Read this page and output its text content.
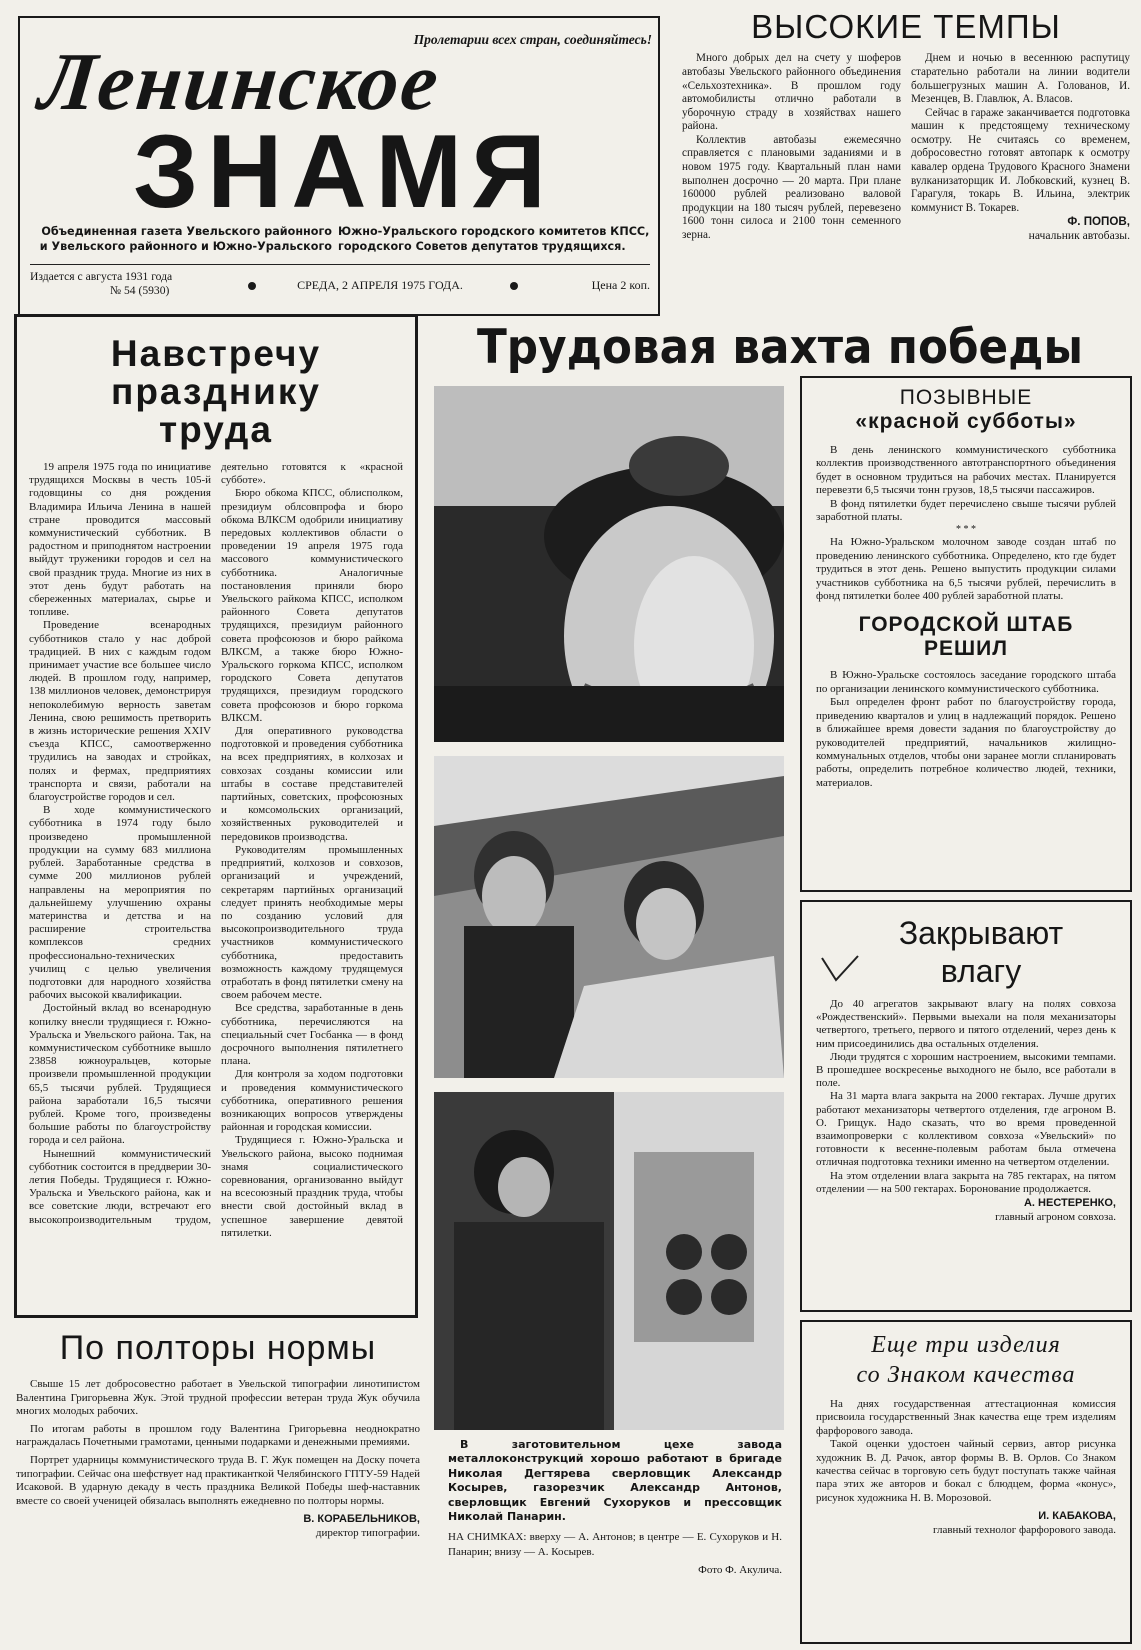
Пролетарии всех стран, соединяйтесь!
Ленинское
ЗНАМЯ
Объединенная газета Увельского районного и Увельского районного и Южно-Уральского
Южно-Уральского городского комитетов КПСС, городского Советов депутатов трудящихся.
Издается с августа 1931 года
№ 54 (5930)	СРЕДА, 2 АПРЕЛЯ 1975 ГОДА.	Цена 2 коп.
ВЫСОКИЕ ТЕМПЫ

Много добрых дел на счету у шоферов автобазы Увельского районного объединения «Сельхозтехника». В прошлом году автомобилисты отлично работали в уборочную страду в хозяйствах нашего района.

Коллектив автобазы ежемесячно справляется с плановыми заданиями и в новом 1975 году. Квартальный план нами выполнен досрочно — 20 марта. При плане 160000 рублей реализовано валовой продукции на 180 тысяч рублей, перевезено 1600 тонн силоса и 2100 тонн семенного зерна.

Днем и ночью в весеннюю распутицу старательно работали на линии водители большегрузных машин А. Голованов, И. Мезенцев, В. Главлюк, А. Власов.

Сейчас в гараже заканчивается подготовка машин к предстоящему техническому осмотру. Не считаясь со временем, добросовестно готовят автопарк к осмотру кавалер ордена Трудового Красного Знамени вулканизаторщик И. Лобковский, кузнец В. Гарагуля, токарь В. Ильина, электрик коммунист В. Токарев.

Ф. ПОПОВ,
начальник автобазы.
Навстречу празднику труда

19 апреля 1975 года по инициативе трудящихся Москвы в честь 105-й годовщины со дня рождения Владимира Ильича Ленина в нашей стране проводится массовый коммунистический субботник. В радостном и приподнятом настроении выйдут труженики городов и сел на свой праздник труда. Многие из них в этот день будут работать на сбереженных материалах, сырье и топливе.

Проведение всенародных субботников стало у нас доброй традицией. В них с каждым годом принимает участие все большее число людей. В прошлом году, например, 138 миллионов человек, демонстрируя непоколебимую верность заветам Ленина, свою решимость претворить в жизнь исторические решения XXIV съезда КПСС, самоотверженно трудились на заводах и стройках, полях и фермах, предприятиях транспорта и связи, работали на благоустройстве городов и сел.

В ходе коммунистического субботника в 1974 году было произведено промышленной продукции на сумму 683 миллиона рублей. Заработанные средства в сумме 200 миллионов рублей направлены на мероприятия по дальнейшему улучшению охраны материнства и детства и на расширение строительства комплексов средних профессионально-технических училищ с целью увеличения подготовки для народного хозяйства рабочих высокой квалификации.

Достойный вклад во всенародную копилку внесли трудящиеся г. Южно-Уральска и Увельского района. Так, на коммунистическом субботнике вышло 23858 южноуральцев, которые произвели промышленной продукции 65,5 тысячи рублей. Трудящиеся района заработали 16,5 тысячи рублей. Кроме того, произведены большие работы по благоустройству города и сел района.

Нынешний коммунистический субботник состоится в преддверии 30-летия Победы. Трудящиеся г. Южно-Уральска и Увельского района, как и все советские люди, встречают его высокопроизводительным трудом, деятельно готовятся к «красной субботе».

Бюро обкома КПСС, облисполком, президиум облсовпрофа и бюро обкома ВЛКСМ одобрили инициативу передовых коллективов области о проведении 19 апреля 1975 года массового коммунистического субботника. Аналогичные постановления приняли бюро Увельского райкома КПСС, исполком районного Совета депутатов трудящихся, президиум районного совета профсоюзов и бюро райкома ВЛКСМ, а также бюро Южно-Уральского горкома КПСС, исполком городского Совета депутатов трудящихся, президиум городского совета профсоюзов и бюро горкома ВЛКСМ.

Для оперативного руководства подготовкой и проведения субботника на всех предприятиях, в колхозах и совхозах созданы комиссии или штабы в составе представителей партийных, советских, профсоюзных и комсомольских организаций, хозяйственных руководителей и передовиков производства.

Руководителям промышленных предприятий, колхозов и совхозов, организаций и учреждений, секретарям партийных организаций следует принять необходимые меры по созданию условий для высокопроизводительного труда участников коммунистического субботника, предоставить возможность каждому трудящемуся отработать в фонд пятилетки смену на своем рабочем месте.

Все средства, заработанные в день субботника, перечисляются на специальный счет Госбанка — в фонд досрочного выполнения пятилетнего плана.

Для контроля за ходом подготовки и проведения коммунистического субботника, оперативного решения возникающих вопросов утверждены районная и городская комиссии.

Трудящиеся г. Южно-Уральска и Увельского района, высоко поднимая знамя социалистического соревнования, организованно выйдут на всесоюзный праздник труда, чтобы внести свой достойный вклад в успешное завершение девятой пятилетки.

Трудовая вахта победы

В заготовительном цехе завода металлоконструкций хорошо работают в бригаде Николая Дегтярева сверловщик Александр Косырев, газорезчик Александр Антонов, сверловщик Евгений Сухоруков и прессовщик Николай Панарин.

НА СНИМКАХ: вверху — А. Антонов; в центре — Е. Сухоруков и Н. Панарин; внизу — А. Косырев.

Фото Ф. Акулича.

ПОЗЫВНЫЕ
«красной субботы»

В день ленинского коммунистического субботника коллектив производственного автотранспортного объединения будет в основном трудиться на рабочих местах. Планируется перевезти 6,5 тысячи тонн грузов, 18,5 тысячи пассажиров.

В фонд пятилетки будет перечислено свыше тысячи рублей заработной платы.

* * *

На Южно-Уральском молочном заводе создан штаб по проведению ленинского субботника. Определено, кто где будет трудиться в этот день. Решено выпустить продукции силами участников субботника на 6,5 тысячи рублей, перечислить в фонд пятилетки более 400 рублей заработной платы.

ГОРОДСКОЙ ШТАБ РЕШИЛ

В Южно-Уральске состоялось заседание городского штаба по организации ленинского коммунистического субботника.

Был определен фронт работ по благоустройству города, приведению кварталов и улиц в надлежащий порядок. Решено в ближайшее время довести задания по благоустройству до руководителей предприятий, начальников жилищно-коммунальных отделов, чтобы они заранее могли спланировать работы, определить потребное количество людей, техники, материалов.

Закрывают влагу

До 40 агрегатов закрывают влагу на полях совхоза «Рождественский». Первыми выехали на поля механизаторы четвертого, третьего, первого и пятого отделений, через день к ним присоединились два остальных отделения.

Люди трудятся с хорошим настроением, высокими темпами. В прошедшее воскресенье выходного не было, все работали в поле.

На 31 марта влага закрыта на 2000 гектарах. Лучше других работают механизаторы четвертого отделения, где агроном В. О. Грищук. Надо сказать, что во время проведенной взаимопроверки с коллективом совхоза «Увельский» по готовности к весенне-полевым работам была отмечена отличная подготовка техники именно на четвертом отделении.

На этом отделении влага закрыта на 785 гектарах, на пятом отделении — на 500 гектарах. Боронование продолжается.

А. НЕСТЕРЕНКО,
главный агроном совхоза.
Еще три изделия
со Знаком качества

На днях государственная аттестационная комиссия присвоила государственный Знак качества еще трем изделиям фарфорового завода.

Такой оценки удостоен чайный сервиз, автор рисунка художник В. Д. Рачок, автор формы В. В. Орлов. Со Знаком качества сейчас в торговую сеть будут поступать также чайная пара этих же авторов и бокал с блюдцем, форма «конус», рисунок художника Н. В. Морозовой.

И. КАБАКОВА,
главный технолог фарфорового завода.
По полторы нормы

Свыше 15 лет добросовестно работает в Увельской типографии линотипистом Валентина Григорьевна Жук. Этой трудной профессии ветеран труда Жук обучила многих молодых рабочих.

По итогам работы в прошлом году Валентина Григорьевна неоднократно награждалась Почетными грамотами, ценными подарками и денежными премиями.

Портрет ударницы коммунистического труда В. Г. Жук помещен на Доску почета типографии. Сейчас она шефствует над практиканткой Челябинского ГПТУ-59 Надей Исаковой. В ударную декаду в честь праздника Великой Победы шеф-наставник вместе со своей ученицей обязалась выполнять ежедневно по полторы нормы.

В. КОРАБЕЛЬНИКОВ,
директор типографии.
